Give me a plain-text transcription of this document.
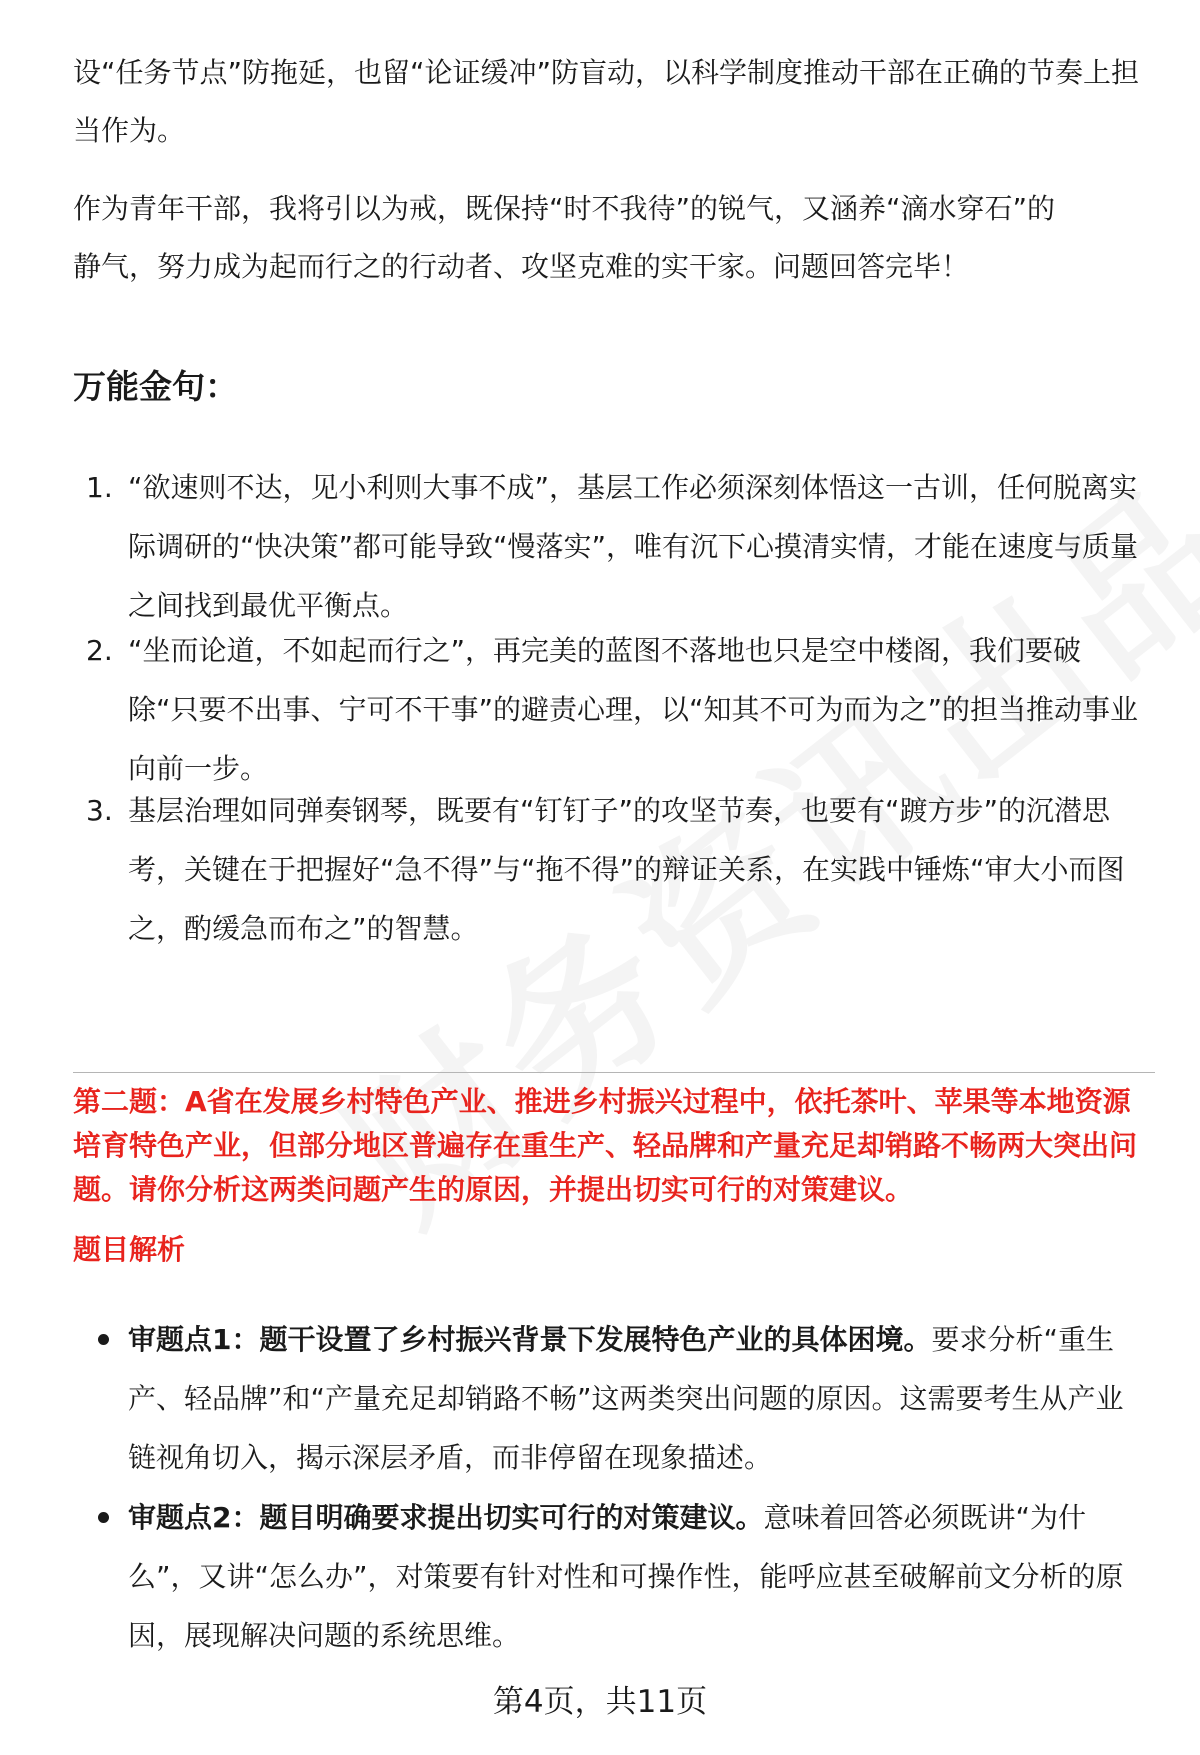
设“任务节点”防拖延，也留“论证缓冲”防盲动，以科学制度推动干部在正确的节奏上担当作为。

作为青年干部，我将引以为戒，既保持“时不我待”的锐气，又涵养“滴水穿石”的静气，努力成为起而行之的行动者、攻坚克难的实干家。问题回答完毕！

万能金句：
1. “欲速则不达，见小利则大事不成”，基层工作必须深刻体悟这一古训，任何脱离实际调研的“快决策”都可能导致“慢落实”，唯有沉下心摸清实情，才能在速度与质量之间找到最优平衡点。

2. “坐而论道，不如起而行之”，再完美的蓝图不落地也只是空中楼阁，我们要破除“只要不出事、宁可不干事”的避责心理，以“知其不可为而为之”的担当推动事业向前一步。

3. 基层治理如同弹奏钢琴，既要有“钉钉子”的攻坚节奏，也要有“踱方步”的沉潜思考，关键在于把握好“急不得”与“拖不得”的辩证关系，在实践中锤炼“审大小而图之，酌缓急而布之”的智慧。

第二题：A省在发展乡村特色产业、推进乡村振兴过程中，依托茶叶、苹果等本地资源培育特色产业，但部分地区普遍存在重生产、轻品牌和产量充足却销路不畅两大突出问题。请你分析这两类问题产生的原因，并提出切实可行的对策建议。

题目解析

审题点1：题干设置了乡村振兴背景下发展特色产业的具体困境。要求分析“重生产、轻品牌”和“产量充足却销路不畅”这两类突出问题的原因。这需要考生从产业链视角切入，揭示深层矛盾，而非停留在现象描述。

审题点2：题目明确要求提出切实可行的对策建议。意味着回答必须既讲“为什么”，又讲“怎么办”，对策要有针对性和可操作性，能呼应甚至破解前文分析的原因，展现解决问题的系统思维。

第4页，共11页
